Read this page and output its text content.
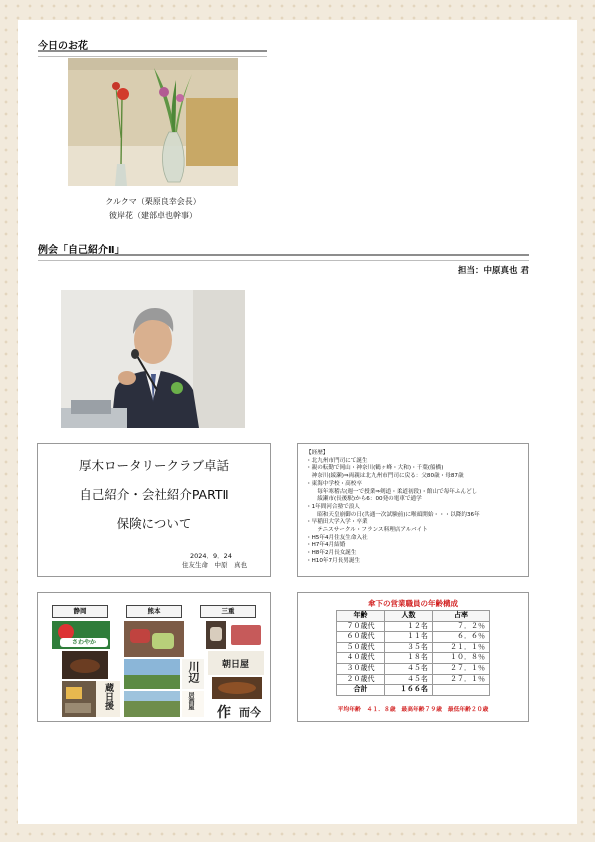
今日のお花
クルクマ（栗原良幸会長）
彼岸花（建部卓也幹事）
例会「自己紹介Ⅱ」
担当：中原真也 君
厚木ロータリークラブ卓話
自己紹介・会社紹介PARTⅡ
保険について
2024．9．24
住友生命　中原　真也
【経歴】
・北九州市門司にて誕生
・親の転勤で岡山・神奈川(鶴ヶ峰・大和)・千葉(船橋)
　神奈川(綾瀬)⇒両親は北九州市門司に戻る：父80歳・母87歳
・東海中学校・高校卒
　　毎年寒稽古(週一で授業⇒剣道・柔道初段)・館山で毎年ふんどし
　　綾瀬市(長後駅)から6：00発の電車で通学
・1年間河合塾で浪人
　　昭和天皇崩御の日(共通一次試験前)に喉頭開始・・・以降約36年
・早稲田大学入学・卒業
　　テニスサークル・フランス料理店アルバイト
・H5年4月住友生命入社
・H7年4月結婚
・H8年2月長女誕生
・H10年7月長男誕生
静岡	熊本	三重
さわやか
蔵日援
川辺
居酒屋
朝日屋
作 而今
傘下の営業職員の年齢構成
年齢	人数	占率
７０歳代	１２名	７．２％
６０歳代	１１名	６．６％
５０歳代	３５名	２１．１％
４０歳代	１８名	１０．８％
３０歳代	４５名	２７．１％
２０歳代	４５名	２７．１％
合計	１６６名	
平均年齢　４１．８歳　最高年齢７９歳　最低年齢２０歳
